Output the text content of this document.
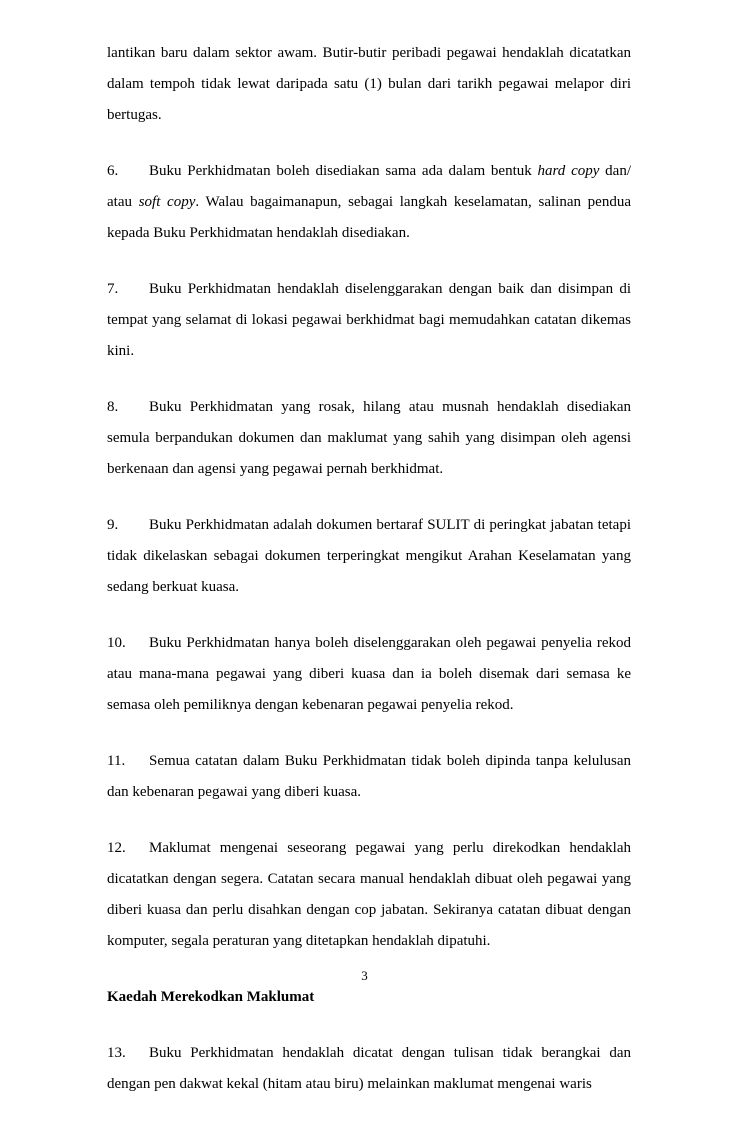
lantikan baru dalam sektor awam. Butir-butir peribadi pegawai hendaklah dicatatkan dalam tempoh tidak lewat daripada satu (1) bulan dari tarikh pegawai melapor diri bertugas.

6. Buku Perkhidmatan boleh disediakan sama ada dalam bentuk hard copy dan/ atau soft copy. Walau bagaimanapun, sebagai langkah keselamatan, salinan pendua kepada Buku Perkhidmatan hendaklah disediakan.

7. Buku Perkhidmatan hendaklah diselenggarakan dengan baik dan disimpan di tempat yang selamat di lokasi pegawai berkhidmat bagi memudahkan catatan dikemas kini.

8. Buku Perkhidmatan yang rosak, hilang atau musnah hendaklah disediakan semula berpandukan dokumen dan maklumat yang sahih yang disimpan oleh agensi berkenaan dan agensi yang pegawai pernah berkhidmat.

9. Buku Perkhidmatan adalah dokumen bertaraf SULIT di peringkat jabatan tetapi tidak dikelaskan sebagai dokumen terperingkat mengikut Arahan Keselamatan yang sedang berkuat kuasa.

10. Buku Perkhidmatan hanya boleh diselenggarakan oleh pegawai penyelia rekod atau mana-mana pegawai yang diberi kuasa dan ia boleh disemak dari semasa ke semasa oleh pemiliknya dengan kebenaran pegawai penyelia rekod.

11. Semua catatan dalam Buku Perkhidmatan tidak boleh dipinda tanpa kelulusan dan kebenaran pegawai yang diberi kuasa.

12. Maklumat mengenai seseorang pegawai yang perlu direkodkan hendaklah dicatatkan dengan segera. Catatan secara manual hendaklah dibuat oleh pegawai yang diberi kuasa dan perlu disahkan dengan cop jabatan. Sekiranya catatan dibuat dengan komputer, segala peraturan yang ditetapkan hendaklah dipatuhi.

Kaedah Merekodkan Maklumat

13. Buku Perkhidmatan hendaklah dicatat dengan tulisan tidak berangkai dan dengan pen dakwat kekal (hitam atau biru) melainkan maklumat mengenai waris

3
